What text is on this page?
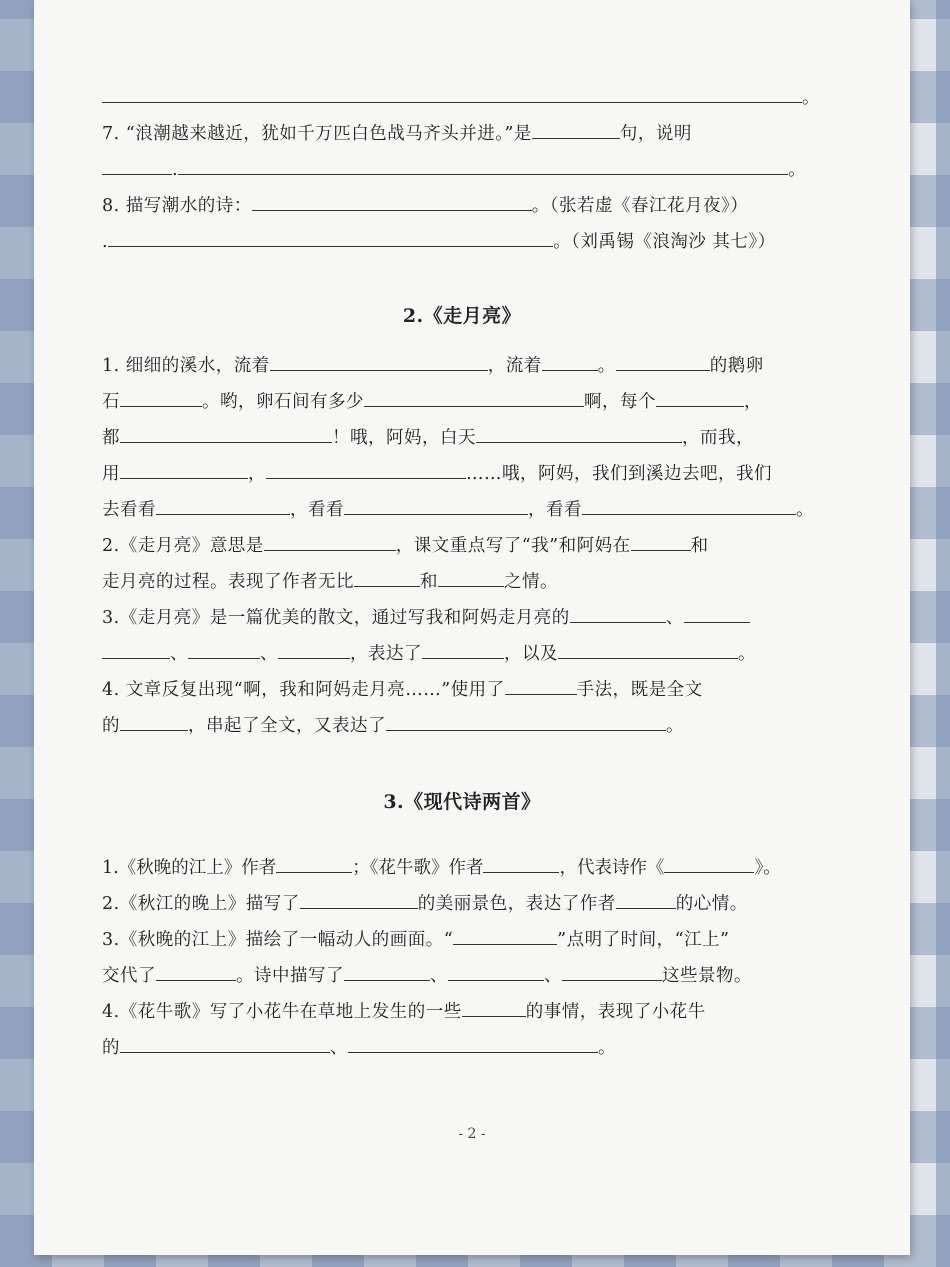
。
7. “浪潮越来越近，犹如千万匹白色战马齐头并进。”是	句，说明
.	。
8. 描写潮水的诗：	。（张若虚《春江花月夜》）
.	。（刘禹锡《浪淘沙 其七》）
2.《走月亮》
1. 细细的溪水，流着	，流着	。	的鹅卵
石	。哟，卵石间有多少	啊，每个	，
都	！哦，阿妈，白天	，而我，
用	，	……哦，阿妈，我们到溪边去吧，我们
去看看	，看看	，看看	。
2.《走月亮》意思是	，课文重点写了“我”和阿妈在	和
走月亮的过程。表现了作者无比	和	之情。
3.《走月亮》是一篇优美的散文，通过写我和阿妈走月亮的	、
、	、	，表达了	，以及	。
4. 文章反复出现“啊，我和阿妈走月亮……”使用了	手法，既是全文
的	，串起了全文，又表达了	。
3.《现代诗两首》
1.《秋晚的江上》作者	；《花牛歌》作者	，代表诗作《	》。
2.《秋江的晚上》描写了	的美丽景色，表达了作者	的心情。
3.《秋晚的江上》描绘了一幅动人的画面。“	”点明了时间，“江上”
交代了	。诗中描写了	、	、	这些景物。
4.《花牛歌》写了小花牛在草地上发生的一些	的事情，表现了小花牛
的	、	。
- 2 -
